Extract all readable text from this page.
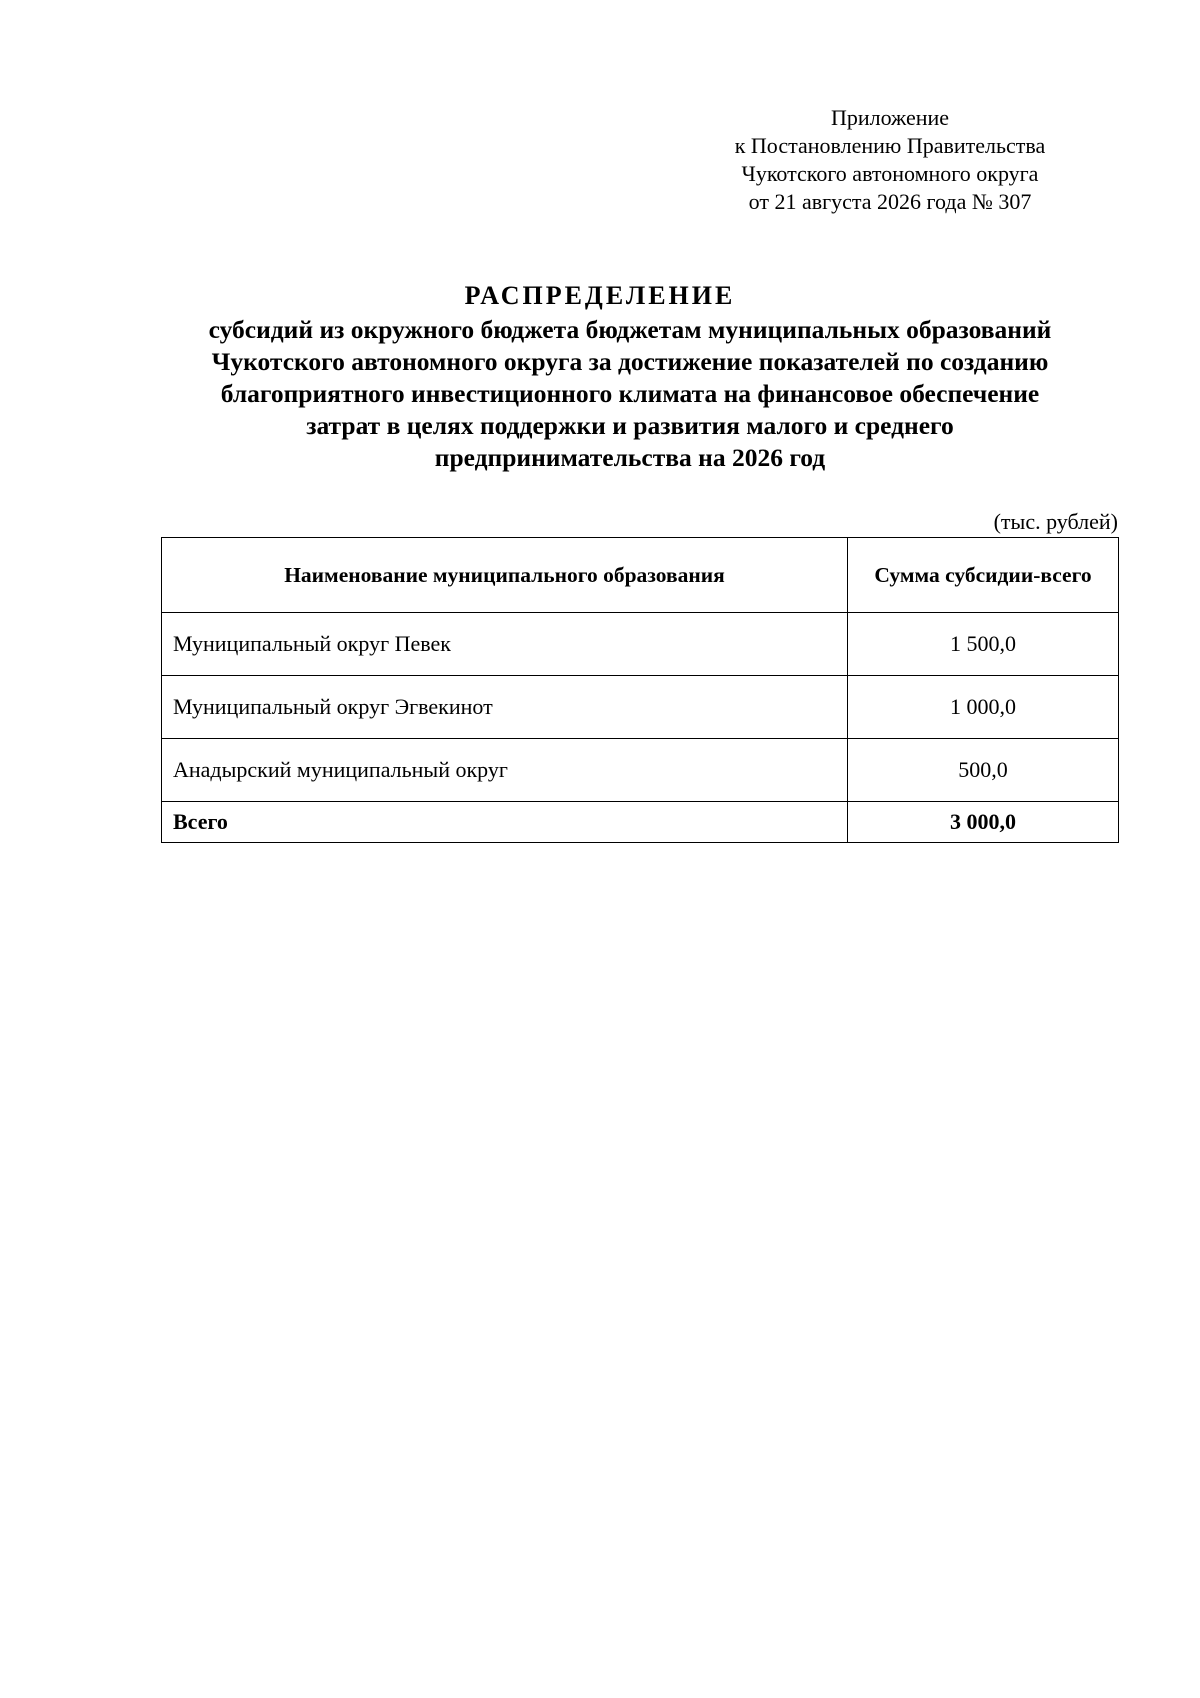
Приложение
к Постановлению Правительства
Чукотского автономного округа
от 21 августа 2026 года № 307
РАСПРЕДЕЛЕНИЕ
субсидий из окружного бюджета бюджетам муниципальных образований
Чукотского автономного округа за достижение показателей по созданию
благоприятного инвестиционного климата на финансовое обеспечение
затрат в целях поддержки и развития малого и среднего
предпринимательства на 2026 год
(тыс. рублей)
Наименование муниципального образования	Сумма субсидии-всего
Муниципальный округ Певек	1 500,0
Муниципальный округ Эгвекинот	1 000,0
Анадырский муниципальный округ	500,0
Всего	3 000,0
